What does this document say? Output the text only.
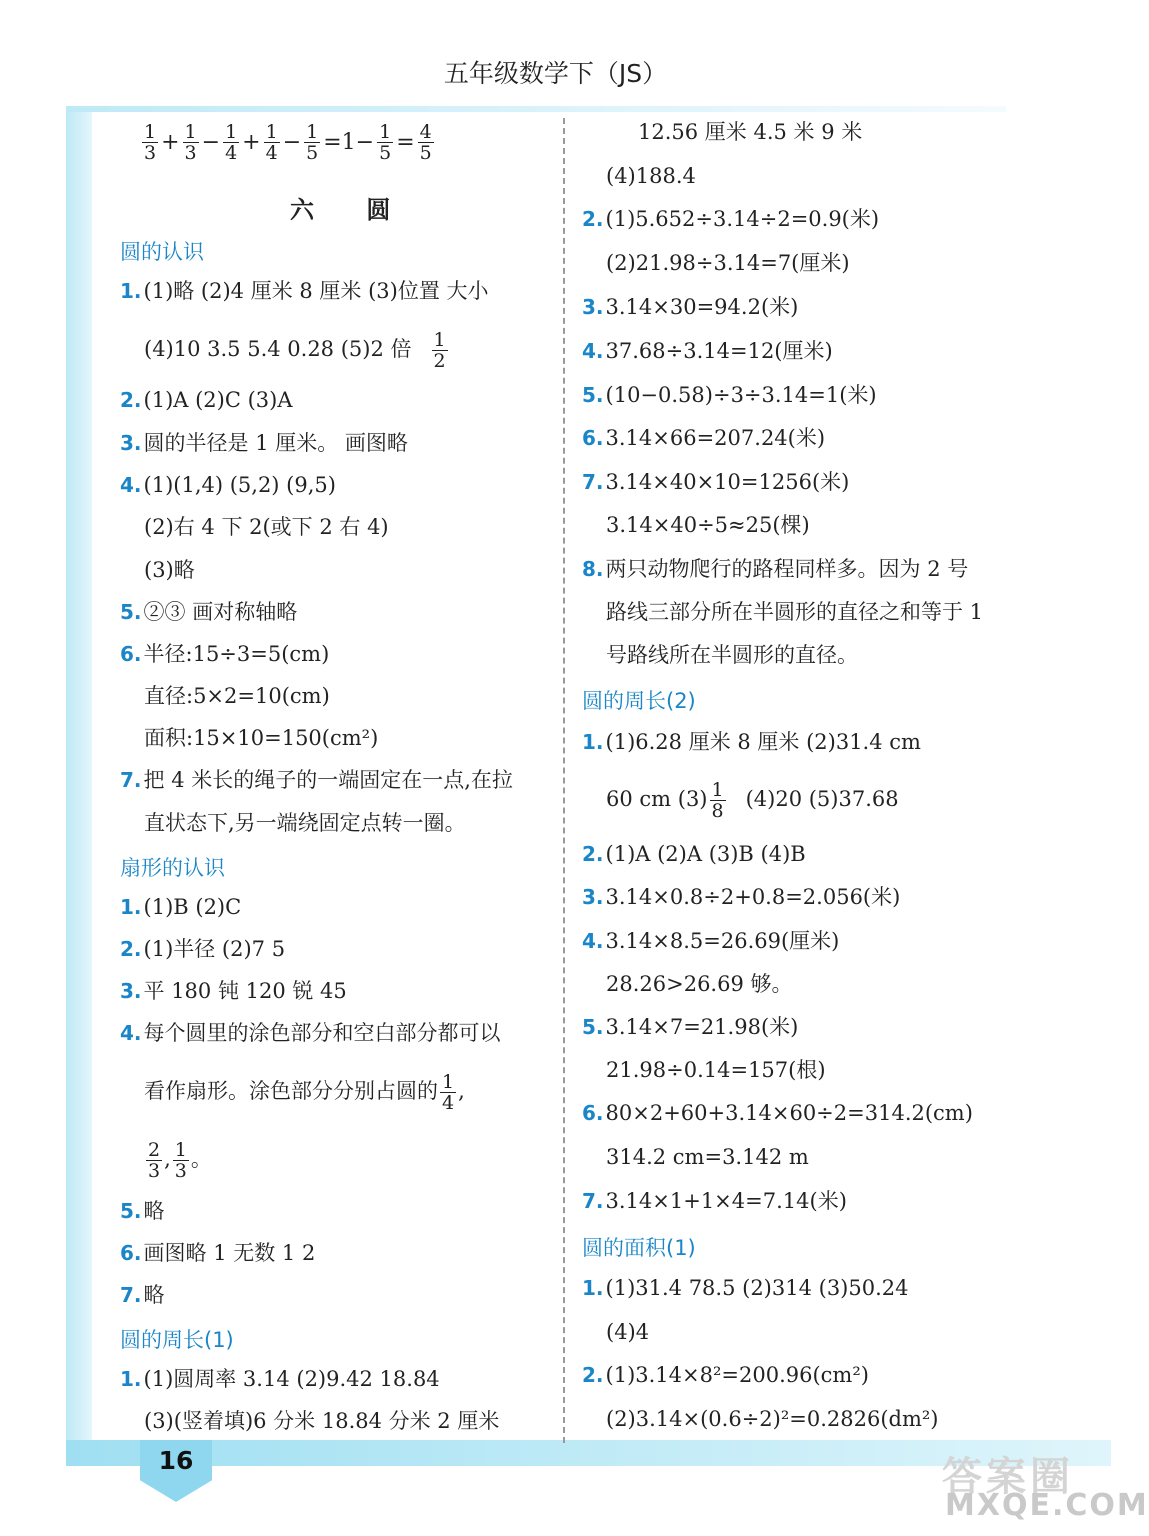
16
五年级数学下（JS）
$\frac{1}{3} + \frac{1}{3} - \frac{1}{4} + \frac{1}{4} - \frac{1}{5} =1- \frac{1}{5} = \frac{4}{5}$
六 圆
圆的认识
1.(1)略 (2)4 厘米 8 厘米 (3)位置 大小
(4)10 3.5 5.4 0.28 (5)2 倍 $\frac{1}{2}$
2.(1)A (2)C (3)A
3.圆的半径是 1 厘米。 画图略
4.(1)(1,4) (5,2) (9,5)
(2)右 4 下 2(或下 2 右 4)
(3)略
5.②③ 画对称轴略
6.半径:15÷3=5(cm)
直径:5×2=10(cm)
面积:15×10=150(cm²)
7.把 4 米长的绳子的一端固定在一点,在拉
直状态下,另一端绕固定点转一圈。
扇形的认识
1.(1)B (2)C
2.(1)半径 (2)7 5
3.平 180 钝 120 锐 45
4.每个圆里的涂色部分和空白部分都可以
看作扇形。涂色部分分别占圆的 $\frac{1}{4}$ ,
$\frac{2}{3}$ , $\frac{1}{3}$ 。
5.略
6.画图略 1 无数 1 2
7.略
圆的周长(1)
1.(1)圆周率 3.14 (2)9.42 18.84
(3)(竖着填)6 分米 18.84 分米 2 厘米
12.56 厘米 4.5 米 9 米
(4)188.4
2.(1)5.652÷3.14÷2=0.9(米)
(2)21.98÷3.14=7(厘米)
3.3.14×30=94.2(米)
4.37.68÷3.14=12(厘米)
5.(10−0.58)÷3÷3.14=1(米)
6.3.14×66=207.24(米)
7.3.14×40×10=1256(米)
3.14×40÷5≈25(棵)
8.两只动物爬行的路程同样多。因为 2 号
路线三部分所在半圆形的直径之和等于 1
号路线所在半圆形的直径。
圆的周长(2)
1.(1)6.28 厘米 8 厘米 (2)31.4 cm
60 cm $(3) \frac{1}{8} (4)20$ (5)37.68
2.(1)A (2)A (3)B (4)B
3.3.14×0.8÷2+0.8=2.056(米)
4.3.14×8.5=26.69(厘米)
28.26>26.69 够。
5.3.14×7=21.98(米)
21.98÷0.14=157(根)
6.80×2+60+3.14×60÷2=314.2(cm)
314.2 cm=3.142 m
7.3.14×1+1×4=7.14(米)
圆的面积(1)
1.(1)31.4 78.5 (2)314 (3)50.24
(4)4
2.(1)3.14×8²=200.96(cm²)
(2)3.14×(0.6÷2)²=0.2826(dm²)
答案圈
MXQE.COM
